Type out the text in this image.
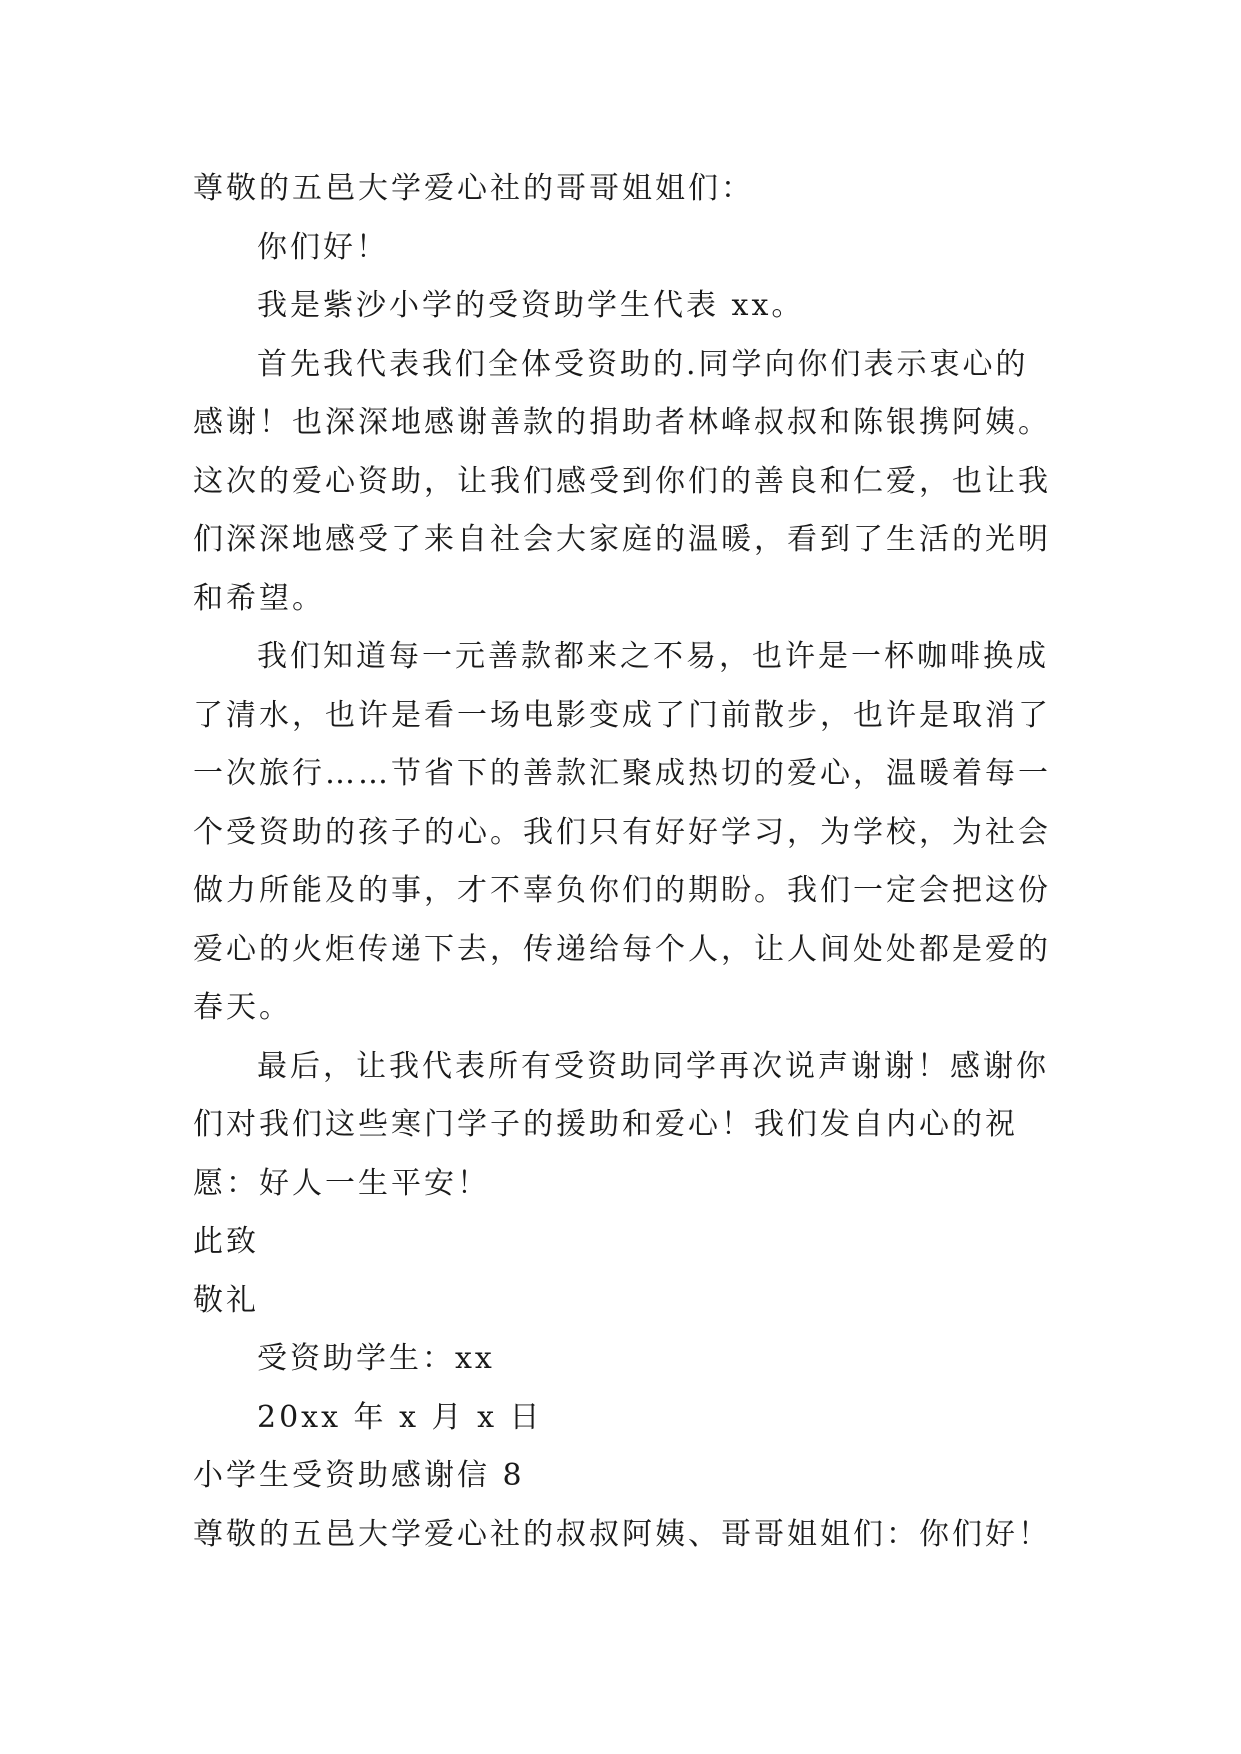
尊敬的五邑大学爱心社的哥哥姐姐们：
你们好！
我是紫沙小学的受资助学生代表 xx。
首先我代表我们全体受资助的.同学向你们表示衷心的
感谢！也深深地感谢善款的捐助者林峰叔叔和陈银携阿姨。
这次的爱心资助，让我们感受到你们的善良和仁爱，也让我
们深深地感受了来自社会大家庭的温暖，看到了生活的光明
和希望。
我们知道每一元善款都来之不易，也许是一杯咖啡换成
了清水，也许是看一场电影变成了门前散步，也许是取消了
一次旅行……节省下的善款汇聚成热切的爱心，温暖着每一
个受资助的孩子的心。我们只有好好学习，为学校，为社会
做力所能及的事，才不辜负你们的期盼。我们一定会把这份
爱心的火炬传递下去，传递给每个人，让人间处处都是爱的
春天。
最后，让我代表所有受资助同学再次说声谢谢！感谢你
们对我们这些寒门学子的援助和爱心！我们发自内心的祝
愿：好人一生平安！
此致
敬礼
受资助学生：xx
20xx 年 x 月 x 日
小学生受资助感谢信 8
尊敬的五邑大学爱心社的叔叔阿姨、哥哥姐姐们：你们好！
